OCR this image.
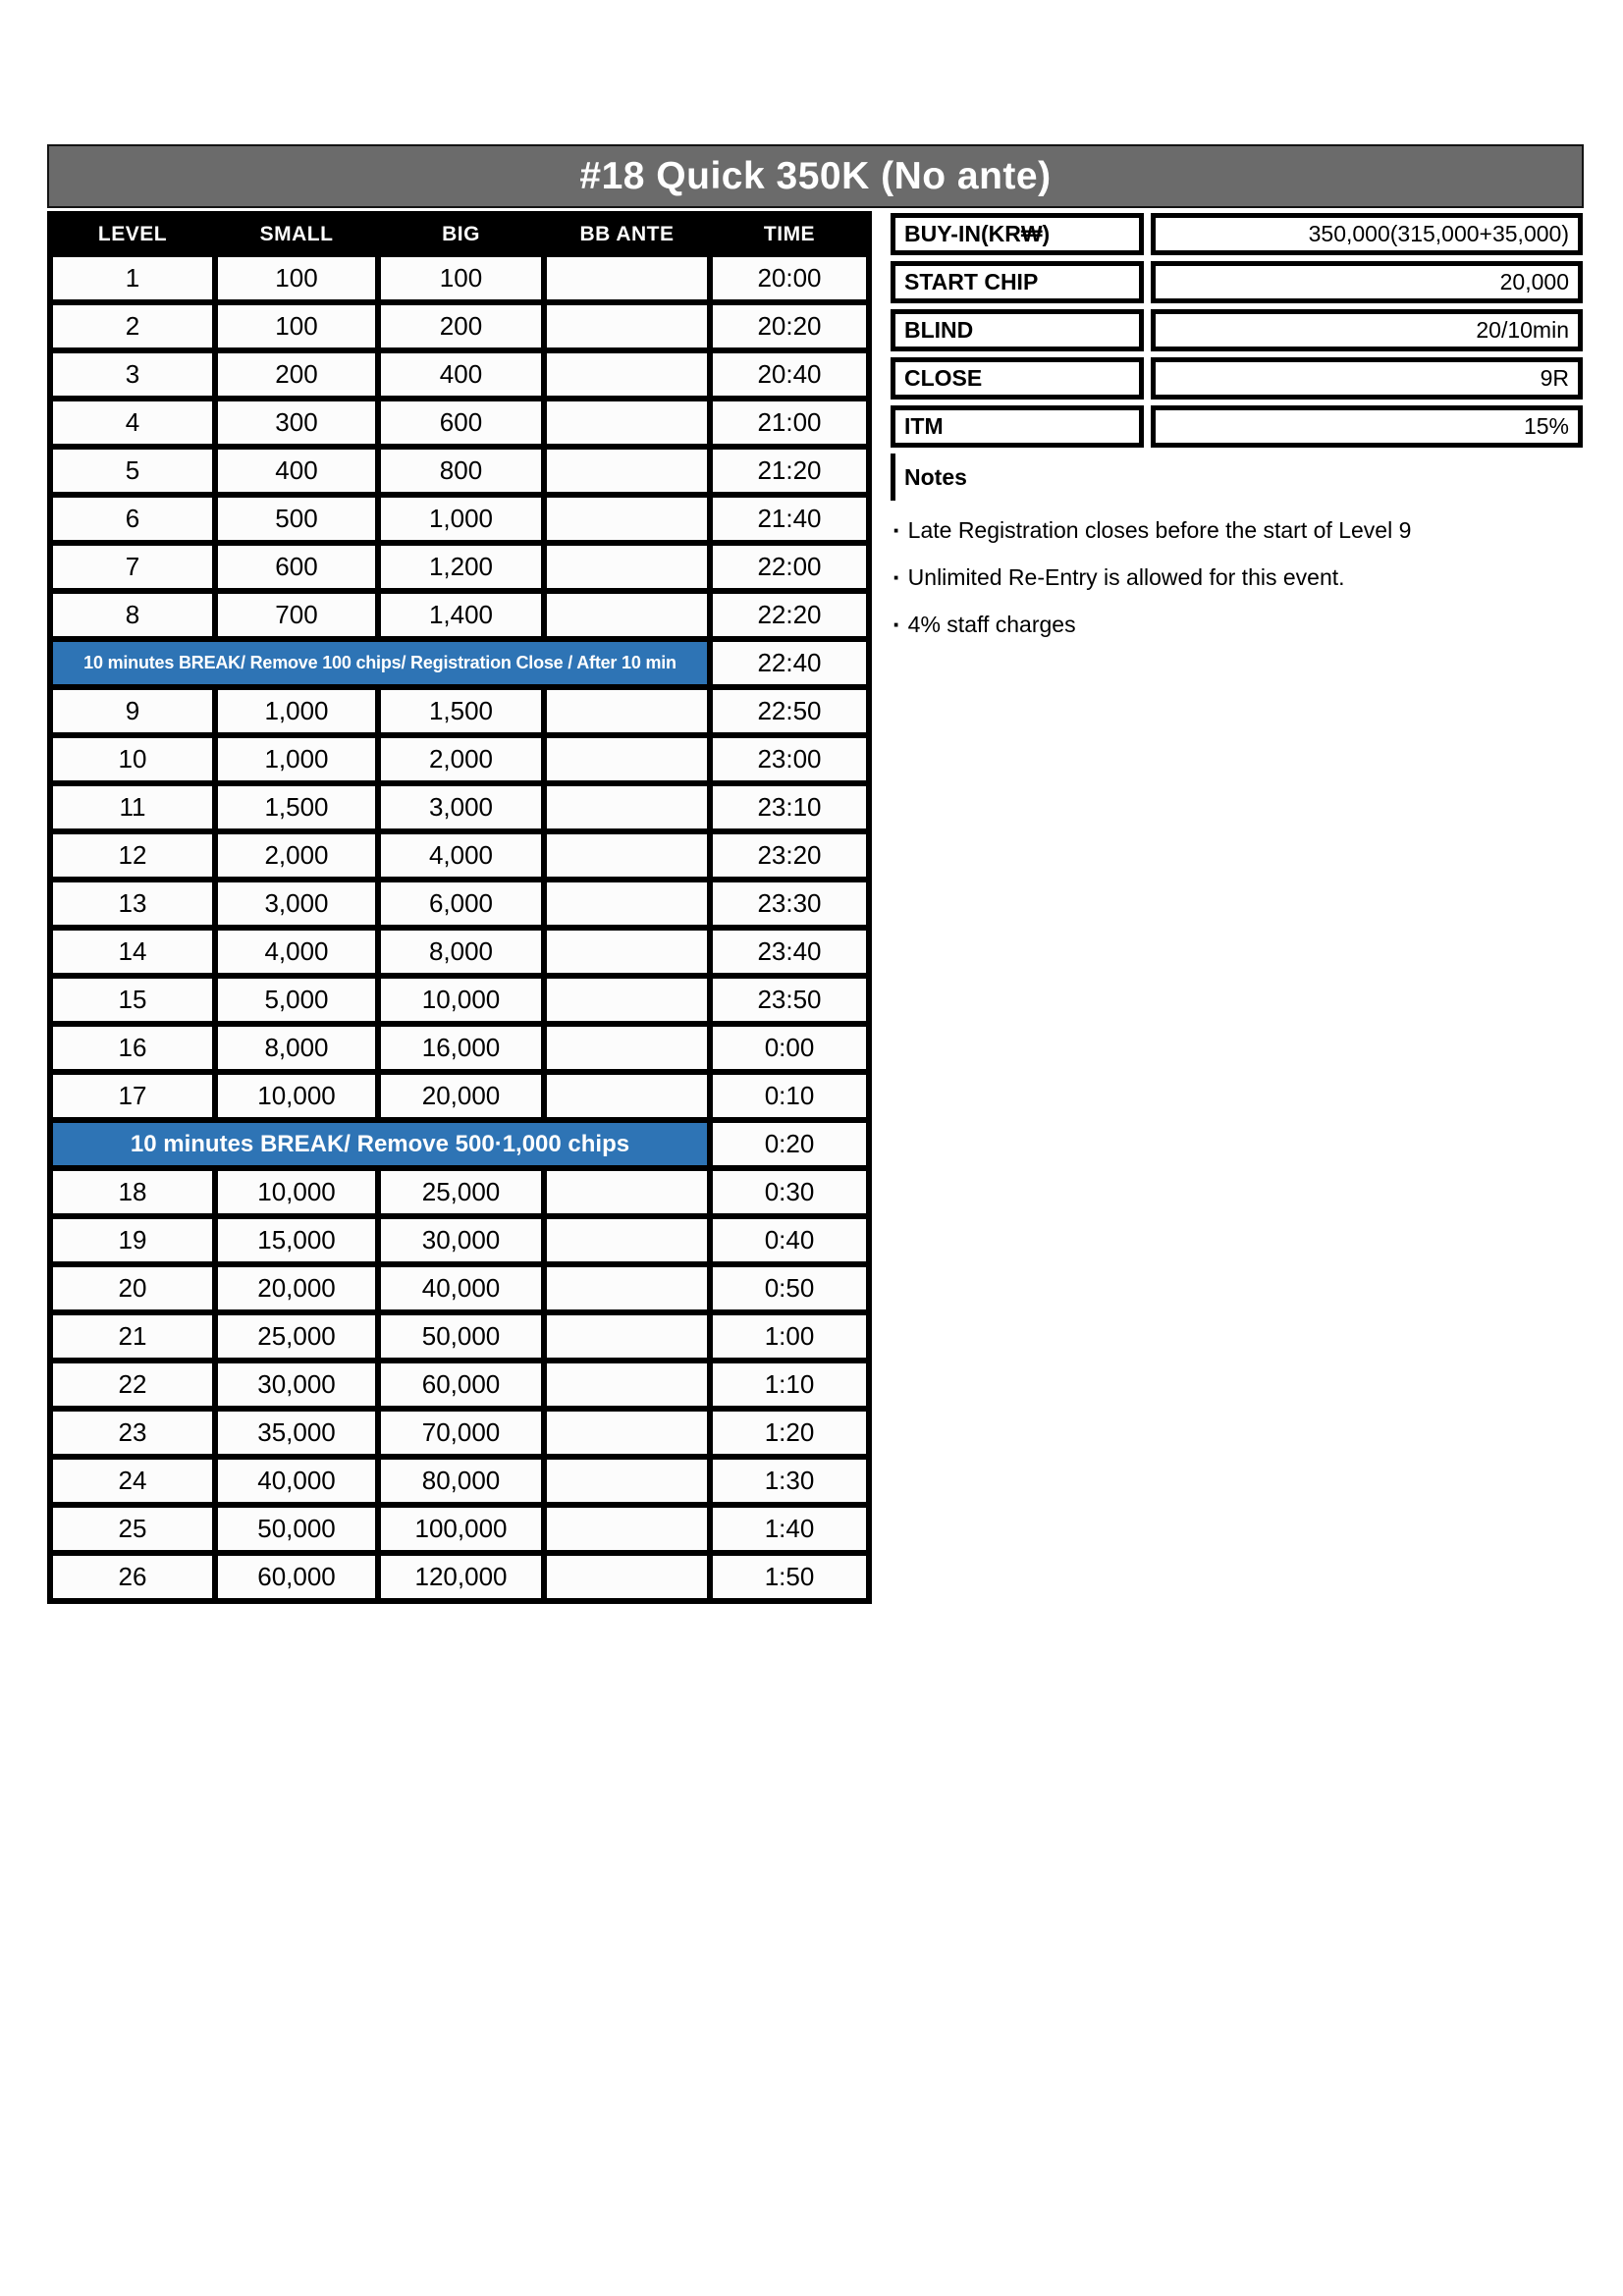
#18 Quick 350K (No ante)
LEVEL	SMALL	BIG	BB ANTE	TIME
1	100	100		20:00
2	100	200		20:20
3	200	400		20:40
4	300	600		21:00
5	400	800		21:20
6	500	1,000		21:40
7	600	1,200		22:00
8	700	1,400		22:20
10 minutes BREAK/ Remove 100 chips/ Registration Close / After 10 min				22:40
9	1,000	1,500		22:50
10	1,000	2,000		23:00
11	1,500	3,000		23:10
12	2,000	4,000		23:20
13	3,000	6,000		23:30
14	4,000	8,000		23:40
15	5,000	10,000		23:50
16	8,000	16,000		0:00
17	10,000	20,000		0:10
10 minutes BREAK/ Remove 500·1,000 chips				0:20
18	10,000	25,000		0:30
19	15,000	30,000		0:40
20	20,000	40,000		0:50
21	25,000	50,000		1:00
22	30,000	60,000		1:10
23	35,000	70,000		1:20
24	40,000	80,000		1:30
25	50,000	100,000		1:40
26	60,000	120,000		1:50
BUY-IN(KR₩)	350,000(315,000+35,000)
START CHIP	20,000
BLIND	20/10min
CLOSE	9R
ITM	15%
Notes
· Late Registration closes before the start of Level 9
· Unlimited Re-Entry is allowed for this event.
· 4% staff charges
